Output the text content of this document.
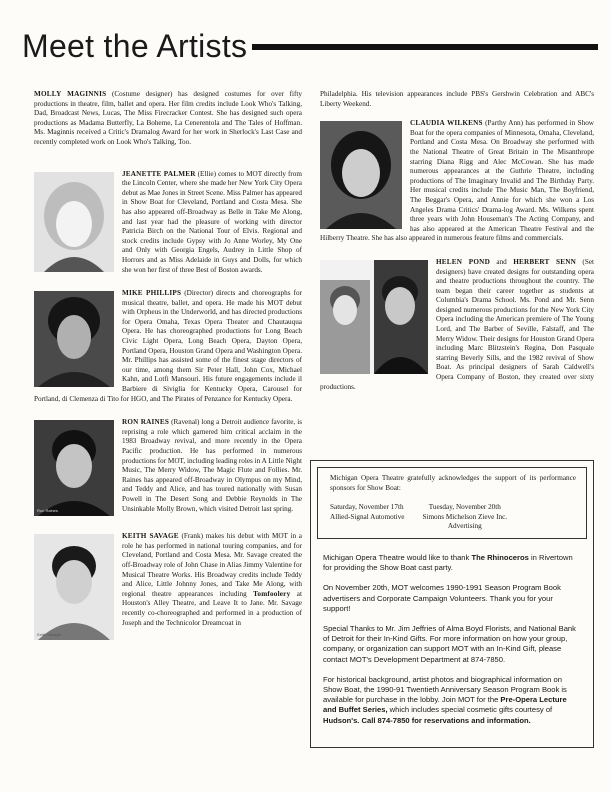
Meet the Artists
MOLLY MAGINNIS (Costume designer) has designed costumes for over fifty productions in theatre, film, ballet and opera. Her film credits include Look Who's Talking, Dad, Broadcast News, Lucas, The Miss Firecracker Contest. She has designed such opera productions as Madama Butterfly, La Boheme, La Cenerentola and The Tales of Hoffman. Ms. Maginnis received a Critic's Dramalog Award for her work in Sherlock's Last Case and recently completed work on Look Who's Talking, Too.
JEANETTE PALMER (Ellie) comes to MOT directly from the Lincoln Center, where she made her New York City Opera debut as Mae Jones in Street Scene. Miss Palmer has appeared in Show Boat for Cleveland, Portland and Costa Mesa. She has also appeared off-Broadway as Belle in Take Me Along, and last year had the pleasure of working with director Patricia Birch on the National Tour of Elvis. Regional and stock credits include Gypsy with Jo Anne Worley, My One and Only with Georgia Engels, Audrey in Little Shop of Horrors and as Miss Adelaide in Guys and Dolls, for which she won her first of three Best of Boston awards.
MIKE PHILLIPS (Director) directs and choreographs for musical theatre, ballet, and opera. He made his MOT debut with Orpheus in the Underworld, and has directed productions for Opera Omaha, Texas Opera Theater and Chautauqua Opera. He has choreographed productions for Long Beach Civic Light Opera, Long Beach Opera, Dayton Opera, Portland Opera, Houston Grand Opera and Washington Opera. Mr. Phillips has assisted some of the finest stage directors of our time, among them Sir Peter Hall, John Cox, Michael Kahn, and Lotfi Mansouri. His future engagements include il Barbiere di Siviglia for Kentucky Opera, Carousel for Portland, di Clemenza di Tito for HGO, and The Pirates of Penzance for Kentucky Opera.
Ron Raines
RON RAINES (Ravenal) long a Detroit audience favorite, is reprising a role which garnered him critical acclaim in the 1983 Broadway revival, and more recently in the Opera Pacific production. He has performed in numerous productions for MOT, including leading roles in A Little Night Music, The Merry Widow, The Magic Flute and Follies. Mr. Raines has appeared off-Broadway in Olympus on my Mind, and Teddy and Alice, and has toured nationally with Susan Powell in The Desert Song and Debbie Reynolds in The Unsinkable Molly Brown, which visited Detroit last spring.
Keith Savage
KEITH SAVAGE (Frank) makes his debut with MOT in a role he has performed in national touring companies, and for Cleveland, Portland and Costa Mesa. Mr. Savage created the off-Broadway role of John Chase in Alias Jimmy Valentine for Musical Theatre Works. His Broadway credits include Teddy and Alice, Little Johnny Jones, and Take Me Along, with regional theatre appearances including Tomfoolery at Houston's Alley Theatre, and Leave It to Jane. Mr. Savage recently co-choreographed and performed in a production of Joseph and the Technicolor Dreamcoat in
Philadelphia. His television appearances include PBS's Gershwin Celebration and ABC's Liberty Weekend.
CLAUDIA WILKENS (Parthy Ann) has performed in Show Boat for the opera companies of Minnesota, Omaha, Cleveland, Portland and Costa Mesa. On Broadway she performed with the National Theatre of Great Britain in The Misanthrope starring Diana Rigg and Alec McCowan. She has made numerous appearances at the Guthrie Theatre, including productions of The Imaginary Invalid and The Birthday Party. Her musical credits include The Music Man, The Boyfriend, The Beggar's Opera, and Annie for which she won a Los Angeles Drama Critics' Drama-log Award. Ms. Wilkens spent three years with John Houseman's The Acting Company, and has also appeared at the American Theatre Festival and the Hilberry Theatre. She has also appeared in numerous feature films and commercials.
HELEN POND and HERBERT SENN (Set designers) have created designs for outstanding opera and theatre productions throughout the country. The team began their career together as students at Columbia's Drama School. Ms. Pond and Mr. Senn designed numerous productions for the New York City Opera including the American premiere of The Young Lord, and The Barber of Seville, Falstaff, and The Merry Widow. Their designs for Houston Grand Opera including Marc Blitzstein's Regina, Don Pasquale starring Beverly Sills, and the 1982 revival of Show Boat. As principal designers of Sarah Caldwell's Opera Company of Boston, they created over sixty productions.
Michigan Opera Theatre gratefully acknowledges the support of its performance sponsors for Show Boat:
Saturday, November 17th
Allied-Signal Automotive
Tuesday, November 20th
Simons Michelson Zieve Inc.
Advertising

Michigan Opera Theatre would like to thank The Rhinoceros in Rivertown for providing the Show Boat cast party.

On November 20th, MOT welcomes 1990-1991 Season Program Book advertisers and Corporate Campaign Volunteers. Thank you for your support!

Special Thanks to Mr. Jim Jeffries of Alma Boyd Florists, and National Bank of Detroit for their In-Kind Gifts. For more information on how your group, company, or organization can support MOT with an In-Kind Gift, please contact MOT's Development Department at 874-7850.

For historical background, artist photos and biographical information on Show Boat, the 1990-91 Twentieth Anniversary Season Program Book is available for purchase in the lobby. Join MOT for the Pre-Opera Lecture and Buffet Series, which includes special cosmetic gifts courtesy of Hudson's. Call 874-7850 for reservations and information.
